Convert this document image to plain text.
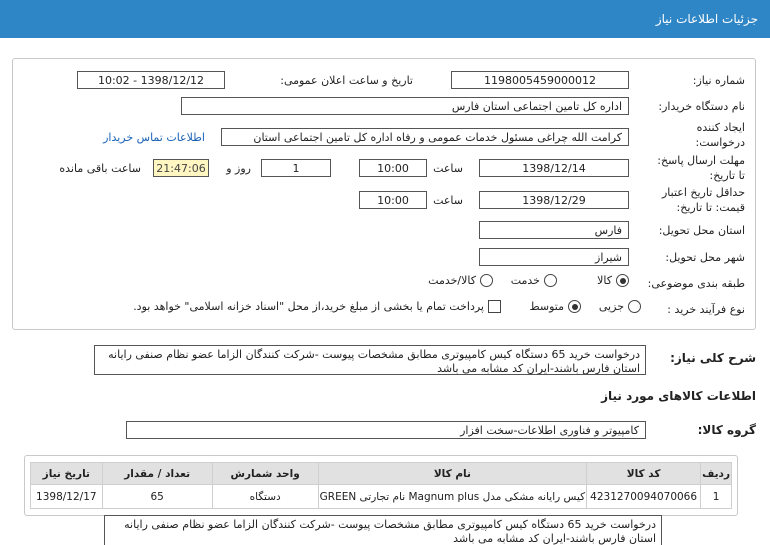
جزئیات اطلاعات نیاز
شماره نیاز:
1198005459000012
تاریخ و ساعت اعلان عمومی:
1398/12/12 - 10:02
نام دستگاه خریدار:
اداره کل تامین اجتماعی استان فارس
ایجاد کننده
درخواست:
کرامت الله چراغی مسئول خدمات عمومی و رفاه اداره کل تامین اجتماعی استان
اطلاعات تماس خریدار
مهلت ارسال پاسخ:
تا تاریخ:
1398/12/14
ساعت
10:00
1
روز و
21:47:06
ساعت باقی مانده
حداقل تاریخ اعتبار
قیمت: تا تاریخ:
1398/12/29
ساعت
10:00
استان محل تحویل:
فارس
شهر محل تحویل:
شیراز
طبقه بندی موضوعی:
کالا
خدمت
کالا/خدمت
نوع فرآیند خرید :
جزیی
متوسط
پرداخت تمام یا بخشی از مبلغ خرید،از محل "اسناد خزانه اسلامی" خواهد بود.
شرح کلی نیاز:
درخواست خرید 65 دستگاه کیس کامپیوتری مطابق مشخصات پیوست -شرکت کنندگان الزاما عضو نظام صنفی رایانه استان فارس باشند-ایران کد مشابه می باشد
اطلاعات کالاهای مورد نیاز
گروه کالا:
کامپیوتر و فناوری اطلاعات-سخت افزار
ردیف	کد کالا	نام کالا	واحد شمارش	تعداد / مقدار	تاریخ نیاز
1	4231270094070066	کیس رایانه مشکی مدل Magnum plus نام تجارتی GREEN	دستگاه	65	1398/12/17
درخواست خرید 65 دستگاه کیس کامپیوتری مطابق مشخصات پیوست -شرکت کنندگان الزاما عضو نظام صنفی رایانه استان فارس باشند-ایران کد مشابه می باشد
